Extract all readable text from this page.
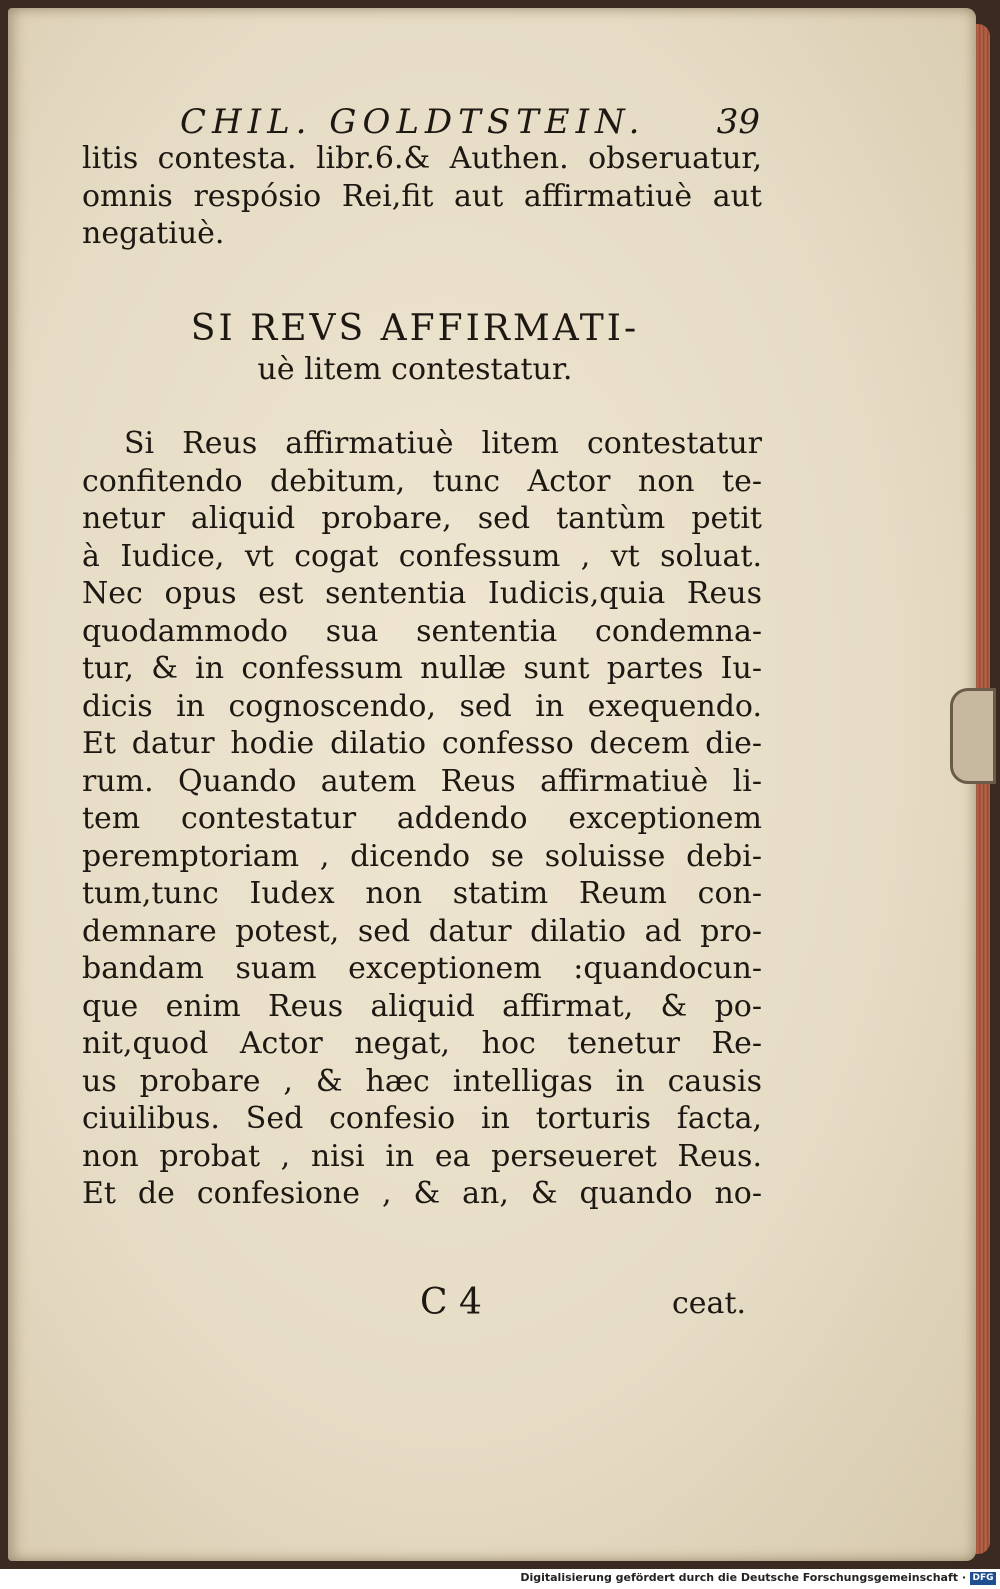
CHIL. GOLDTSTEIN. 39
litis contesta. libr.6.& Authen. obseruatur,
omnis respósio Rei,fit aut affirmatiuè aut
negatiuè.
SI REVS AFFIRMATI-
uè litem contestatur.
Si Reus affirmatiuè litem contestatur
confitendo debitum, tunc Actor non te-
netur aliquid probare, sed tantùm petit
à Iudice, vt cogat confessum , vt soluat.
Nec opus est sententia Iudicis,quia Reus
quodammodo sua sententia condemna-
tur, & in confessum nullæ sunt partes Iu-
dicis in cognoscendo, sed in exequendo.
Et datur hodie dilatio confesso decem die-
rum. Quando autem Reus affirmatiuè li-
tem contestatur addendo exceptionem
peremptoriam , dicendo se soluisse debi-
tum,tunc Iudex non statim Reum con-
demnare potest, sed datur dilatio ad pro-
bandam suam exceptionem :quandocun-
que enim Reus aliquid affirmat, & po-
nit,quod Actor negat, hoc tenetur Re-
us probare , & hæc intelligas in causis
ciuilibus. Sed confesio in torturis facta,
non probat , nisi in ea perseueret Reus.
Et de confesione , & an, & quando no-
C 4	ceat.
Digitalisierung gefördert durch die Deutsche Forschungsgemeinschaft · DFG
